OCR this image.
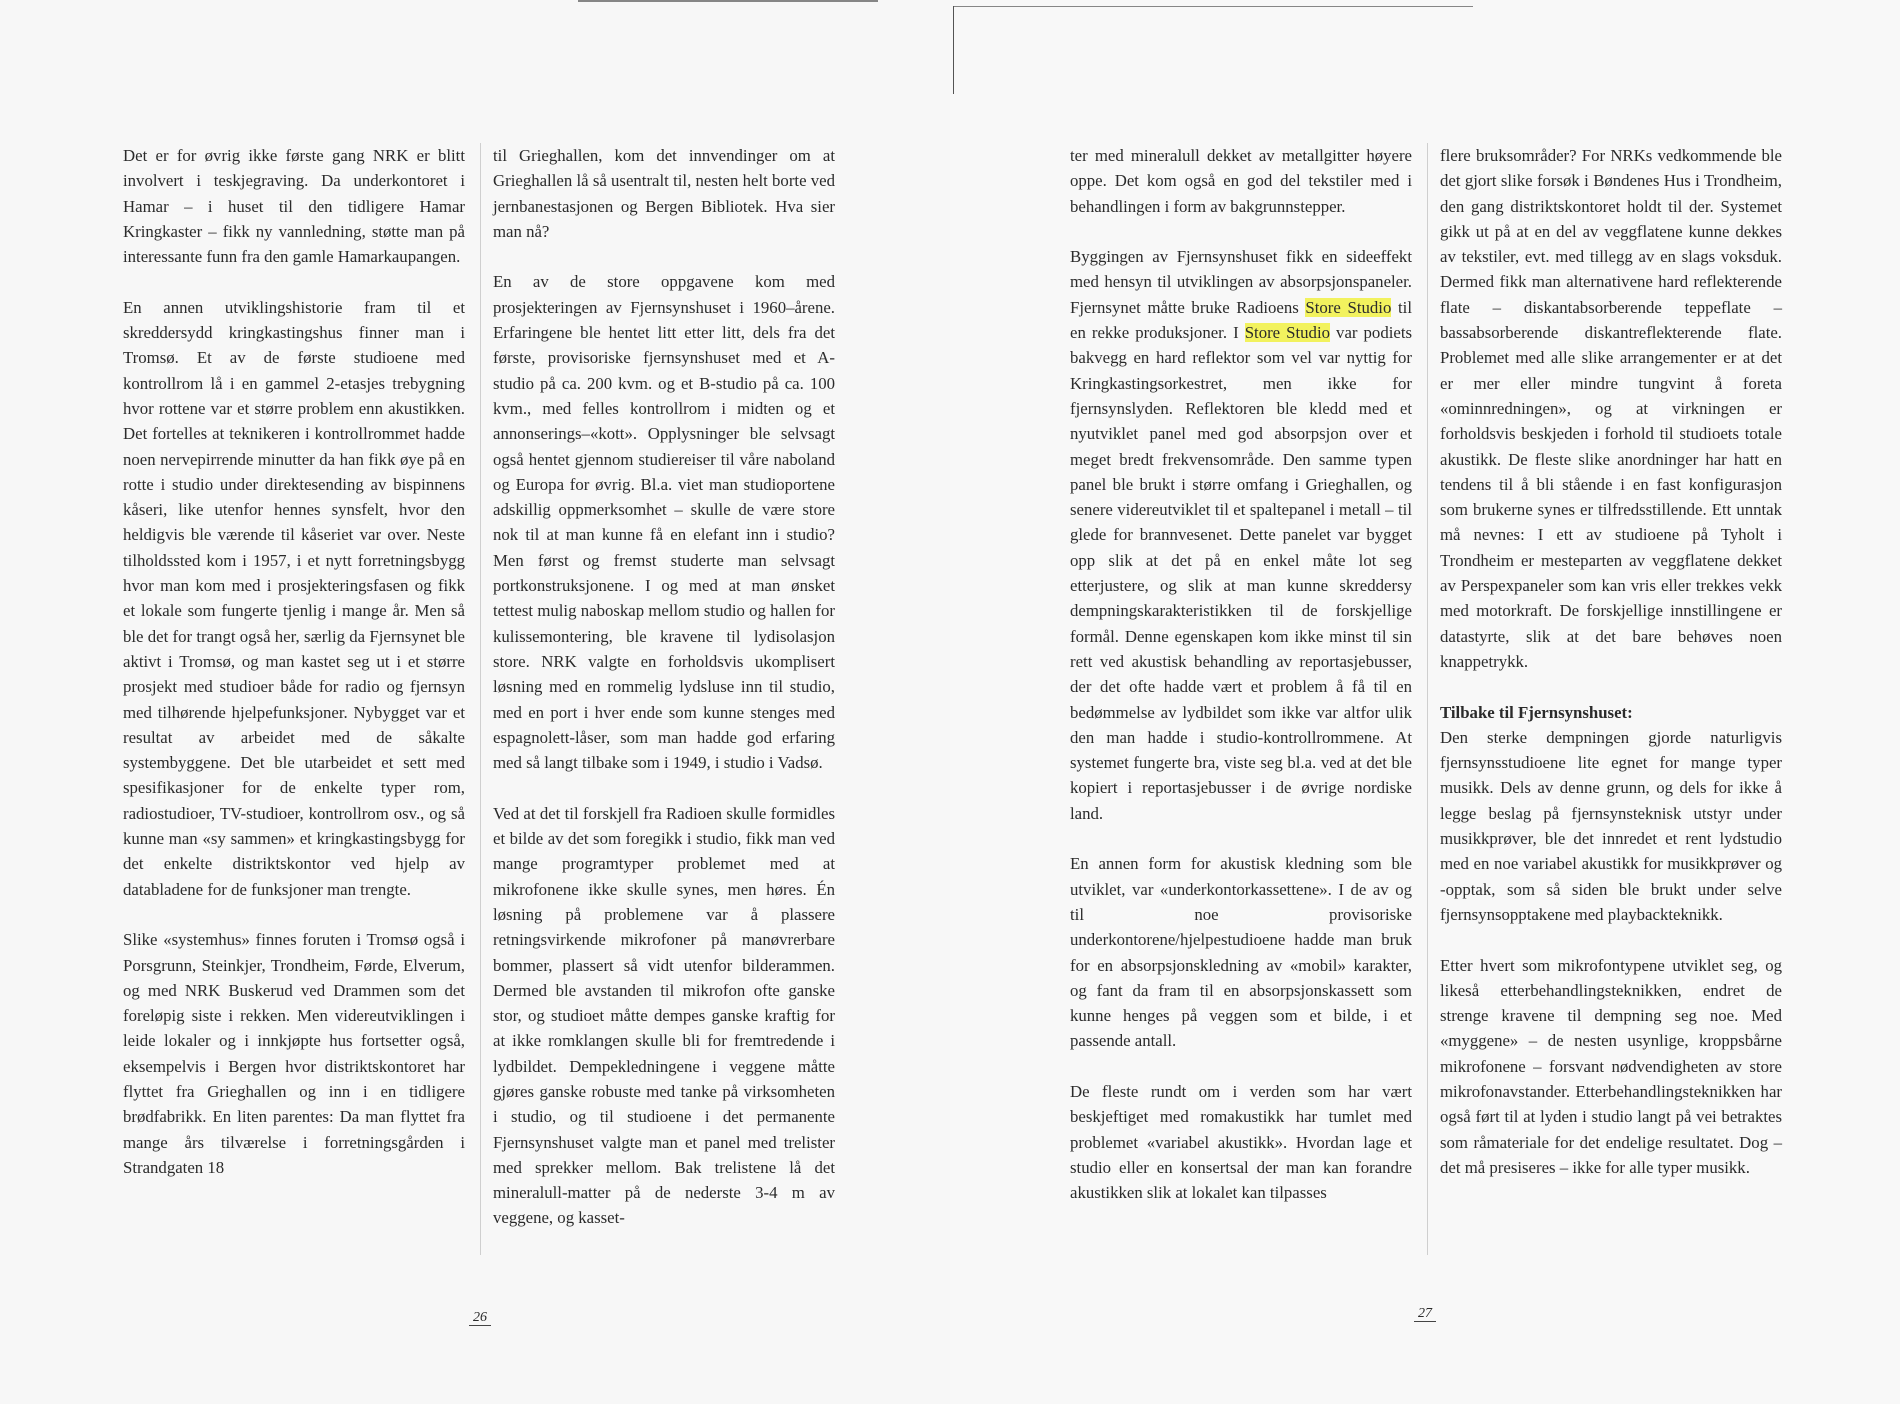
Det er for øvrig ikke første gang NRK er blitt involvert i teskjegraving. Da underkontoret i Hamar – i huset til den tidligere Hamar Kringkaster – fikk ny vannledning, støtte man på interessante funn fra den gamle Hamarkaupangen.

En annen utviklingshistorie fram til et skreddersydd kringkastingshus finner man i Tromsø. Et av de første studioene med kontrollrom lå i en gammel 2-etasjes trebygning hvor rottene var et større problem enn akustikken. Det fortelles at teknikeren i kontrollrommet hadde noen nervepirrende minutter da han fikk øye på en rotte i studio under direktesending av bispinnens kåseri, like utenfor hennes synsfelt, hvor den heldigvis ble værende til kåseriet var over. Neste tilholdssted kom i 1957, i et nytt forretningsbygg hvor man kom med i prosjekteringsfasen og fikk et lokale som fungerte tjenlig i mange år. Men så ble det for trangt også her, særlig da Fjernsynet ble aktivt i Tromsø, og man kastet seg ut i et større prosjekt med studioer både for radio og fjernsyn med tilhørende hjelpefunksjoner. Nybygget var et resultat av arbeidet med de såkalte systembyggene. Det ble utarbeidet et sett med spesifikasjoner for de enkelte typer rom, radiostudioer, TV-studioer, kontrollrom osv., og så kunne man «sy sammen» et kringkastingsbygg for det enkelte distriktskontor ved hjelp av databladene for de funksjoner man trengte.

Slike «systemhus» finnes foruten i Tromsø også i Porsgrunn, Steinkjer, Trondheim, Førde, Elverum, og med NRK Buskerud ved Drammen som det foreløpig siste i rekken. Men videreutviklingen i leide lokaler og i innkjøpte hus fortsetter også, eksempelvis i Bergen hvor distriktskontoret har flyttet fra Grieghallen og inn i en tidligere brødfabrikk. En liten parentes: Da man flyttet fra mange års tilværelse i forretningsgården i Strandgaten 18

til Grieghallen, kom det innvendinger om at Grieghallen lå så usentralt til, nesten helt borte ved jernbanestasjonen og Bergen Bibliotek. Hva sier man nå?

En av de store oppgavene kom med prosjekteringen av Fjernsynshuset i 1960–årene. Erfaringene ble hentet litt etter litt, dels fra det første, provisoriske fjernsynshuset med et A-studio på ca. 200 kvm. og et B-studio på ca. 100 kvm., med felles kontrollrom i midten og et annonserings–«kott». Opplysninger ble selvsagt også hentet gjennom studiereiser til våre naboland og Europa for øvrig. Bl.a. viet man studioportene adskillig oppmerksomhet – skulle de være store nok til at man kunne få en elefant inn i studio? Men først og fremst studerte man selvsagt portkonstruksjonene. I og med at man ønsket tettest mulig naboskap mellom studio og hallen for kulissemontering, ble kravene til lydisolasjon store. NRK valgte en forholdsvis ukomplisert løsning med en rommelig lydsluse inn til studio, med en port i hver ende som kunne stenges med espagnolett-låser, som man hadde god erfaring med så langt tilbake som i 1949, i studio i Vadsø.

Ved at det til forskjell fra Radioen skulle formidles et bilde av det som foregikk i studio, fikk man ved mange programtyper problemet med at mikrofonene ikke skulle synes, men høres. Én løsning på problemene var å plassere retningsvirkende mikrofoner på manøvrerbare bommer, plassert så vidt utenfor bilderammen. Dermed ble avstanden til mikrofon ofte ganske stor, og studioet måtte dempes ganske kraftig for at ikke romklangen skulle bli for fremtredende i lydbildet. Dempekledningene i veggene måtte gjøres ganske robuste med tanke på virksomheten i studio, og til studioene i det permanente Fjernsynshuset valgte man et panel med trelister med sprekker mellom. Bak trelistene lå det mineralull-matter på de nederste 3-4 m av veggene, og kasset-

26

ter med mineralull dekket av metallgitter høyere oppe. Det kom også en god del tekstiler med i behandlingen i form av bakgrunnstepper.

Byggingen av Fjernsynshuset fikk en sideeffekt med hensyn til utviklingen av absorpsjonspaneler. Fjernsynet måtte bruke Radioens Store Studio til en rekke produksjoner. I Store Studio var podiets bakvegg en hard reflektor som vel var nyttig for Kringkastingsorkestret, men ikke for fjernsynslyden. Reflektoren ble kledd med et nyutviklet panel med god absorpsjon over et meget bredt frekvensområde. Den samme typen panel ble brukt i større omfang i Grieghallen, og senere videreutviklet til et spaltepanel i metall – til glede for brannvesenet. Dette panelet var bygget opp slik at det på en enkel måte lot seg etterjustere, og slik at man kunne skreddersy dempningskarakteristikken til de forskjellige formål. Denne egenskapen kom ikke minst til sin rett ved akustisk behandling av reportasjebusser, der det ofte hadde vært et problem å få til en bedømmelse av lydbildet som ikke var altfor ulik den man hadde i studio-kontrollrommene. At systemet fungerte bra, viste seg bl.a. ved at det ble kopiert i reportasjebusser i de øvrige nordiske land.

En annen form for akustisk kledning som ble utviklet, var «underkontorkassettene». I de av og til noe provisoriske underkontorene/hjelpestudioene hadde man bruk for en absorpsjonskledning av «mobil» karakter, og fant da fram til en absorpsjonskassett som kunne henges på veggen som et bilde, i et passende antall.

De fleste rundt om i verden som har vært beskjeftiget med romakustikk har tumlet med problemet «variabel akustikk». Hvordan lage et studio eller en konsertsal der man kan forandre akustikken slik at lokalet kan tilpasses

flere bruksområder? For NRKs vedkommende ble det gjort slike forsøk i Bøndenes Hus i Trondheim, den gang distriktskontoret holdt til der. Systemet gikk ut på at en del av veggflatene kunne dekkes av tekstiler, evt. med tillegg av en slags voksduk. Dermed fikk man alternativene hard reflekterende flate – diskantabsorberende teppeflate – bassabsorberende diskantreflekterende flate. Problemet med alle slike arrangementer er at det er mer eller mindre tungvint å foreta «ominnredningen», og at virkningen er forholdsvis beskjeden i forhold til studioets totale akustikk. De fleste slike anordninger har hatt en tendens til å bli stående i en fast konfigurasjon som brukerne synes er tilfredsstillende. Ett unntak må nevnes: I ett av studioene på Tyholt i Trondheim er mesteparten av veggflatene dekket av Perspexpaneler som kan vris eller trekkes vekk med motorkraft. De forskjellige innstillingene er datastyrte, slik at det bare behøves noen knappetrykk.

Tilbake til Fjernsynshuset:

Den sterke dempningen gjorde naturligvis fjernsynsstudioene lite egnet for mange typer musikk. Dels av denne grunn, og dels for ikke å legge beslag på fjernsynsteknisk utstyr under musikkprøver, ble det innredet et rent lydstudio med en noe variabel akustikk for musikkprøver og -opptak, som så siden ble brukt under selve fjernsynsopptakene med playbackteknikk.

Etter hvert som mikrofontypene utviklet seg, og likeså etterbehandlingsteknikken, endret de strenge kravene til dempning seg noe. Med «myggene» – de nesten usynlige, kroppsbårne mikrofonene – forsvant nødvendigheten av store mikrofonavstander. Etterbehandlingsteknikken har også ført til at lyden i studio langt på vei betraktes som råmateriale for det endelige resultatet. Dog – det må presiseres – ikke for alle typer musikk.

27
